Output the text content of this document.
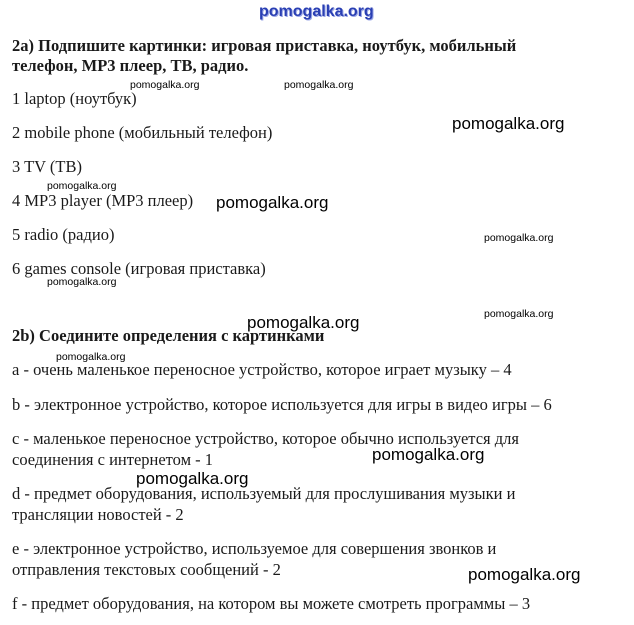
pomogalka.org
2a) Подпишите картинки: игровая приставка, ноутбук, мобильный
телефон, MP3 плеер, ТВ, радио.
1 laptop (ноутбук)
2 mobile phone (мобильный телефон)
3 TV (ТВ)
4 MP3 player (MP3 плеер)
5 radio (радио)
6 games console (игровая приставка)
2b) Соедините определения с картинками
a - очень маленькое переносное устройство, которое играет музыку – 4
b - электронное устройство, которое используется для игры в видео игры – 6
c - маленькое переносное устройство, которое обычно используется для
соединения с интернетом - 1
d - предмет оборудования, используемый для прослушивания музыки и
трансляции новостей - 2
e - электронное устройство, используемое для совершения звонков и
отправления текстовых сообщений - 2
f - предмет оборудования, на котором вы можете смотреть программы – 3
pomogalka.org	pomogalka.org
pomogalka.org
pomogalka.org
pomogalka.org
pomogalka.org
pomogalka.org
pomogalka.org
pomogalka.org
pomogalka.org
pomogalka.org
pomogalka.org
pomogalka.org
